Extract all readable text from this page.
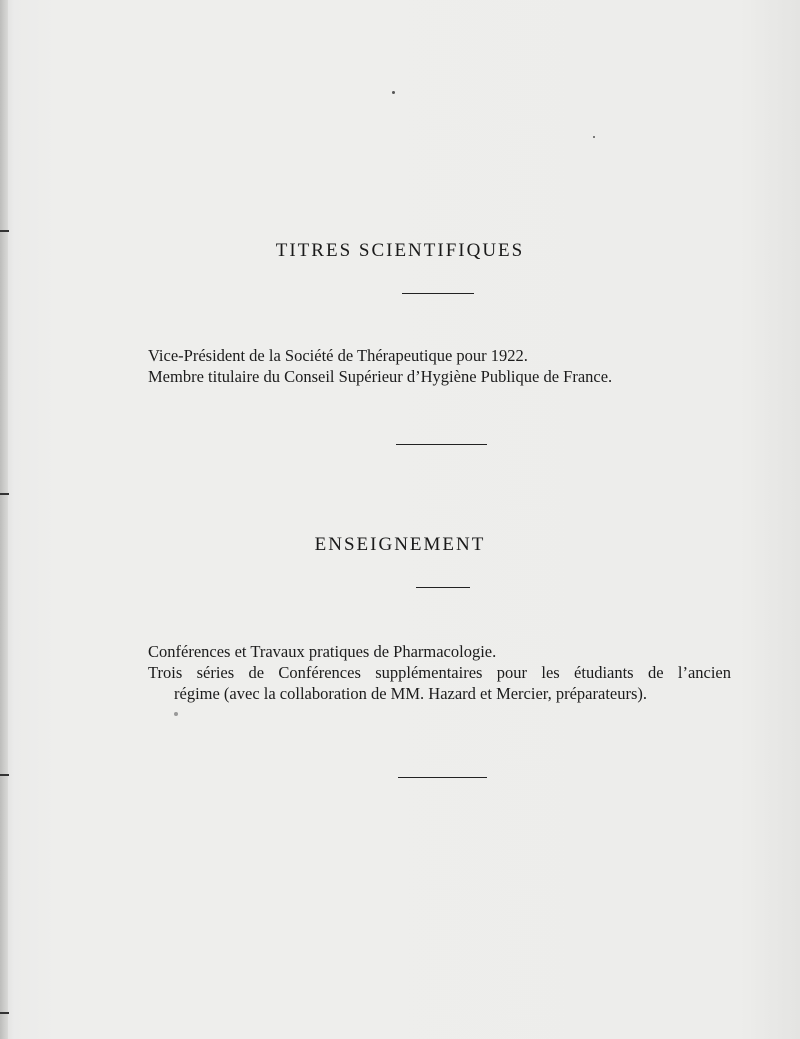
TITRES SCIENTIFIQUES
Vice-Président de la Société de Thérapeutique pour 1922.
Membre titulaire du Conseil Supérieur d’Hygiène Publique de France.
ENSEIGNEMENT
Conférences et Travaux pratiques de Pharmacologie.
Trois séries de Conférences supplémentaires pour les étudiants de l’ancien
régime (avec la collaboration de MM. Hazard et Mercier, préparateurs).
